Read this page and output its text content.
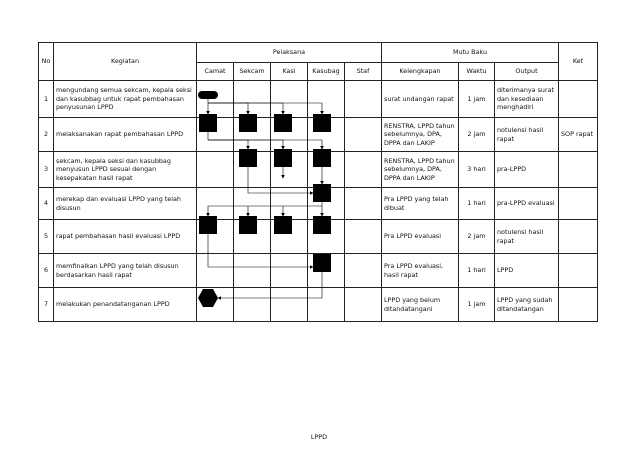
No	Kegiatan	Pelaksana					Mutu Baku			Ket
		Camat	Sekcam	Kasi	Kasubag	Staf	Kelengkapan	Waktu	Output	
1	mengundang semua sekcam, kepala seksi dan kasubbag untuk rapat pembahasan penyusunan LPPD						surat undangan rapat	1 jam	diterimanya surat dan kesediaan menghadiri	
2	melaksanakan rapat pembahasan LPPD						RENSTRA, LPPD tahun sebelumnya, DPA, DPPA dan LAKIP	2 jam	notulensi hasil rapat	SOP rapat
3	sekcam, kepala seksi dan kasubbag menyusun LPPD sesuai dengan kesepakatan hasil rapat						RENSTRA, LPPD tahun sebelumnya, DPA, DPPA dan LAKIP	3 hari	pra-LPPD	
4	merekap dan evaluasi LPPD yang telah disusun						Pra LPPD yang telah dibuat	1 hari	pra-LPPD evaluasi	
5	rapat pembahasan hasil evaluasi LPPD						Pra LPPD evaluasi	2 jam	notulensi hasil rapat	
6	memfinalkan LPPD yang telah disusun berdasarkan hasil rapat						Pra LPPD evaluasi, hasil rapat	1 hari	LPPD	
7	melakukan penandatanganan LPPD						LPPD yang belum ditandatangani	1 jam	LPPD yang sudah ditandatangan	
LPPD
